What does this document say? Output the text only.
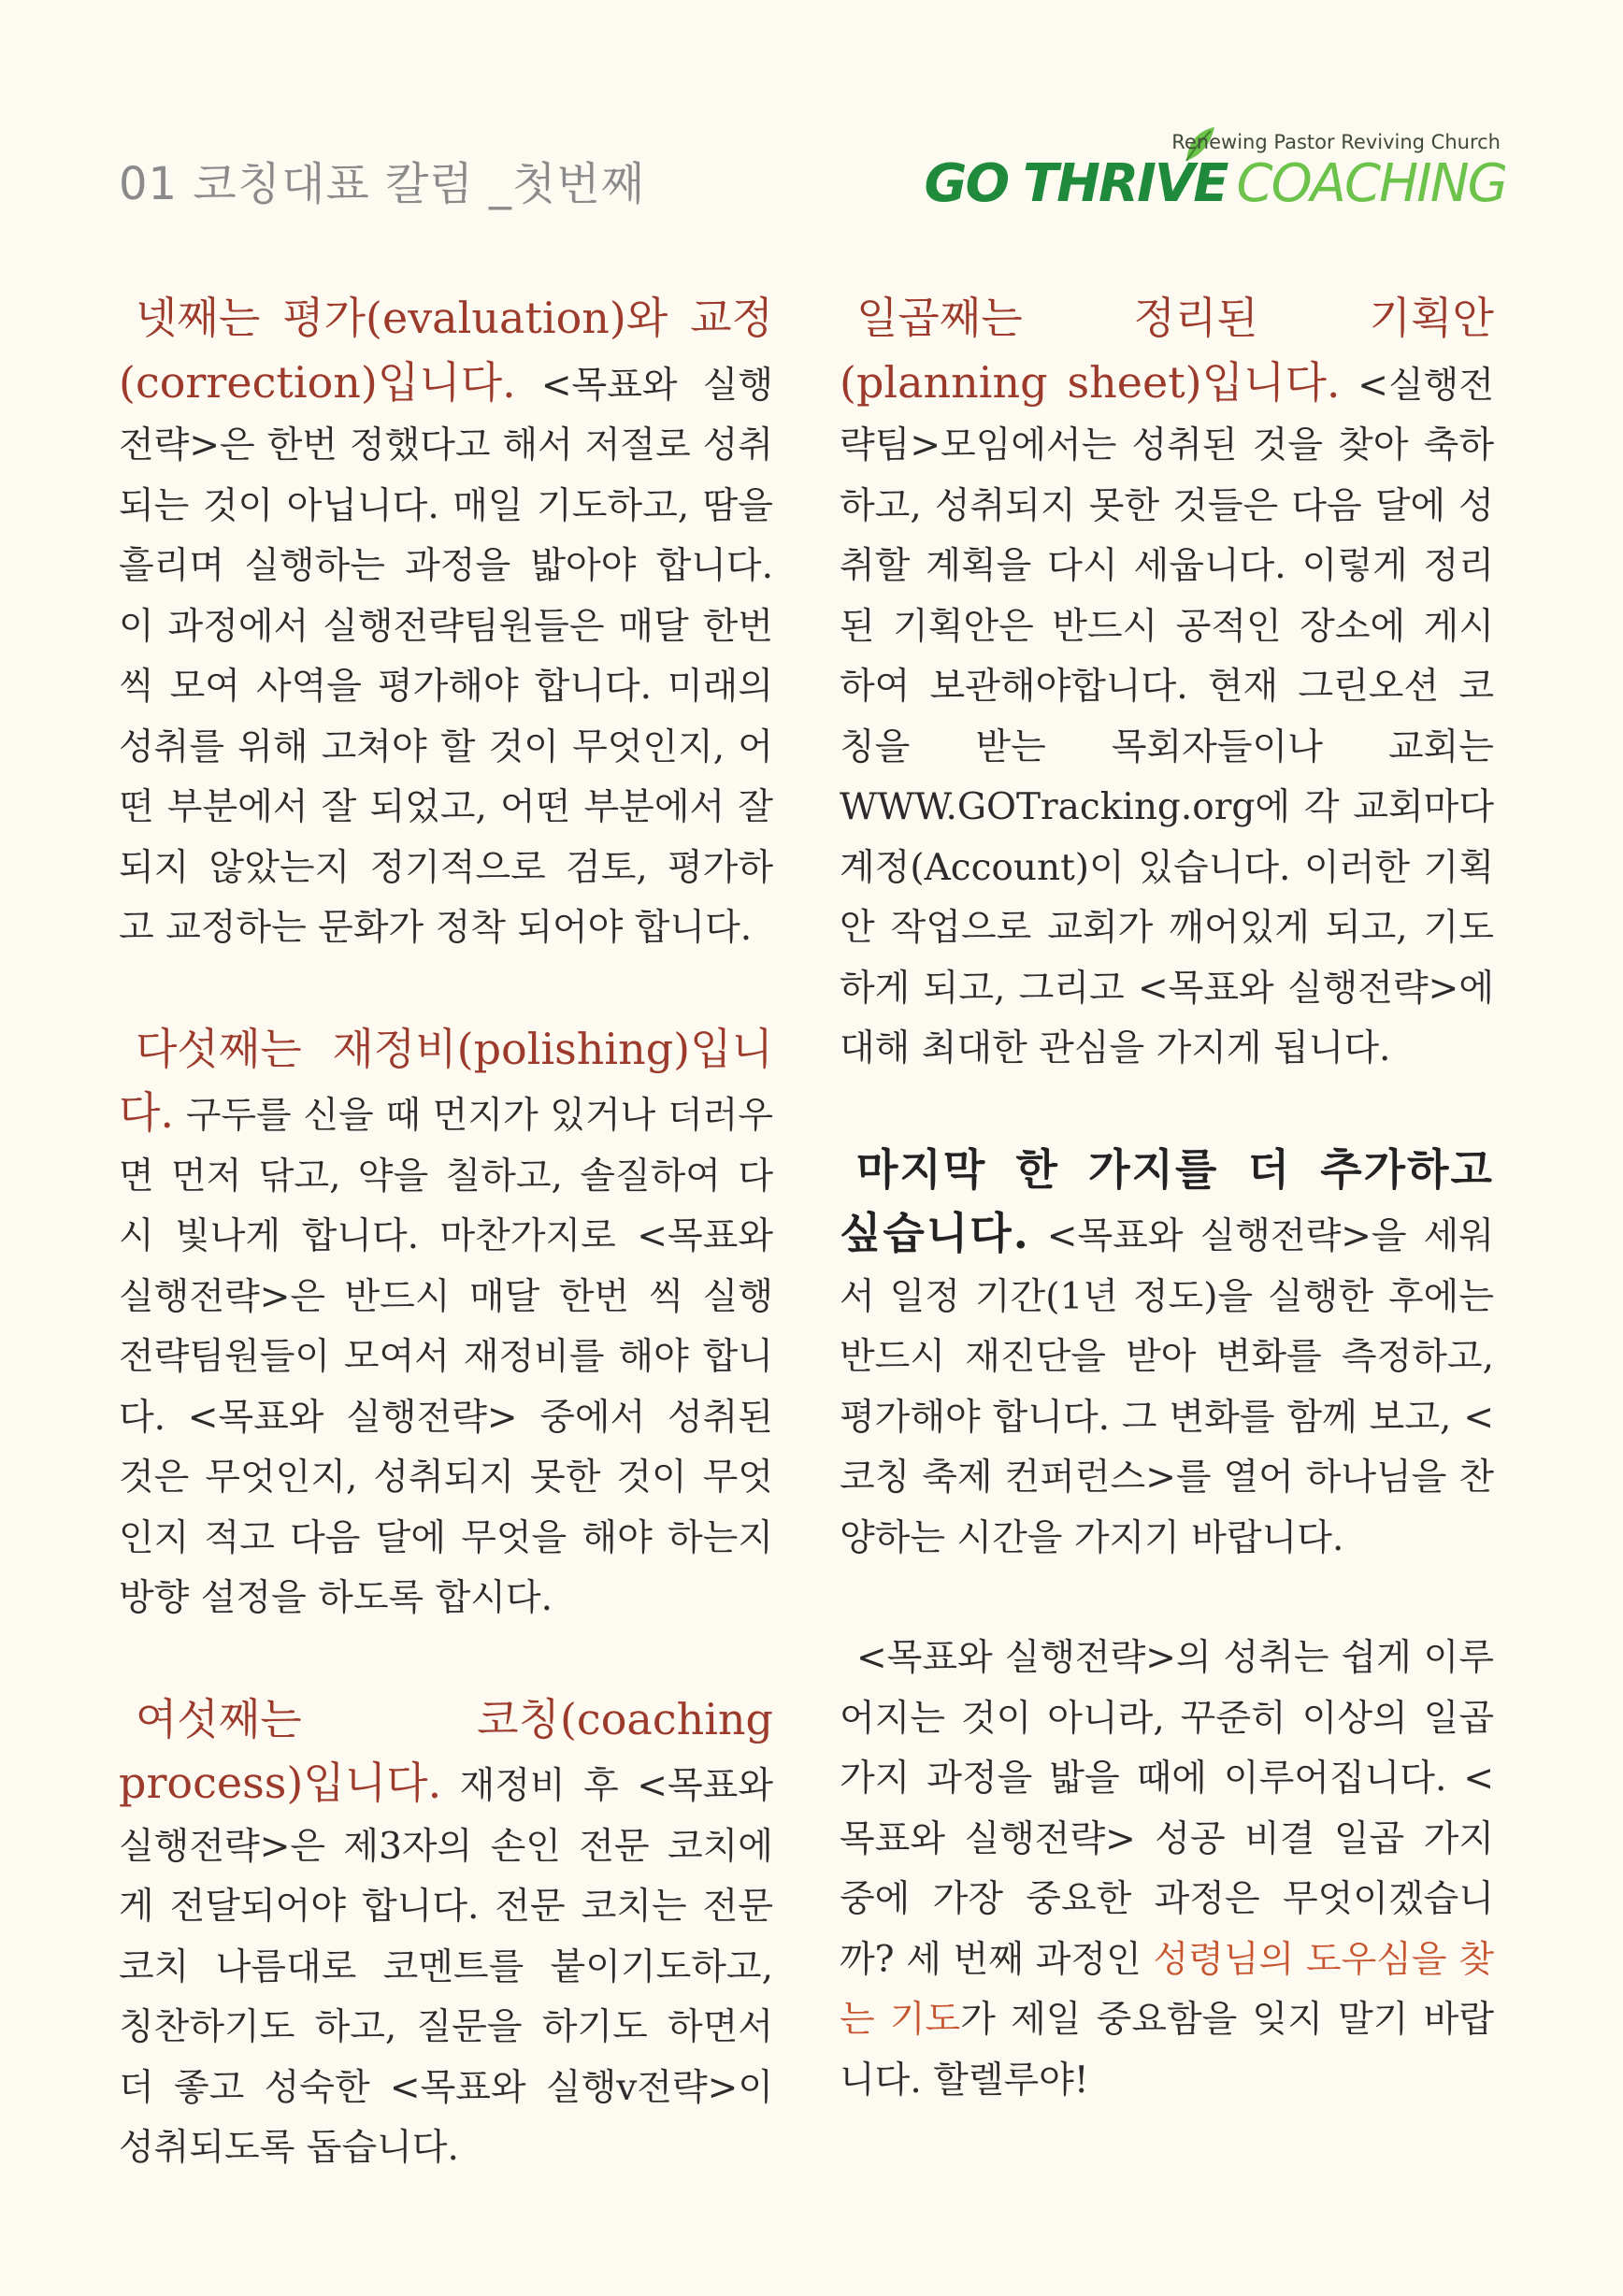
01 코칭대표 칼럼 _첫번째
Renewing Pastor Reviving Church
GO THRIVE COACHING

넷째는 평가(evaluation)와 교정(correction)입니다. <목표와 실행전략>은 한번 정했다고 해서 저절로 성취되는 것이 아닙니다. 매일 기도하고, 땀을 흘리며 실행하는 과정을 밟아야 합니다. 이 과정에서 실행전략팀원들은 매달 한번 씩 모여 사역을 평가해야 합니다. 미래의 성취를 위해 고쳐야 할 것이 무엇인지, 어떤 부분에서 잘 되었고, 어떤 부분에서 잘 되지 않았는지 정기적으로 검토, 평가하고 교정하는 문화가 정착 되어야 합니다.

다섯째는 재정비(polishing)입니다. 구두를 신을 때 먼지가 있거나 더러우면 먼저 닦고, 약을 칠하고, 솔질하여 다시 빛나게 합니다. 마찬가지로 <목표와 실행전략>은 반드시 매달 한번 씩 실행 전략팀원들이 모여서 재정비를 해야 합니다. <목표와 실행전략> 중에서 성취된 것은 무엇인지, 성취되지 못한 것이 무엇인지 적고 다음 달에 무엇을 해야 하는지 방향 설정을 하도록 합시다.

여섯째는 코칭(coaching process)입니다. 재정비 후 <목표와 실행전략>은 제3자의 손인 전문 코치에게 전달되어야 합니다. 전문 코치는 전문 코치 나름대로 코멘트를 붙이기도하고, 칭찬하기도 하고, 질문을 하기도 하면서 더 좋고 성숙한 <목표와 실행v전략>이 성취되도록 돕습니다.

일곱째는 정리된 기획안(planning sheet)입니다. <실행전략팀>모임에서는 성취된 것을 찾아 축하하고, 성취되지 못한 것들은 다음 달에 성취할 계획을 다시 세웁니다. 이렇게 정리된 기획안은 반드시 공적인 장소에 게시하여 보관해야합니다. 현재 그린오션 코칭을 받는 목회자들이나 교회는 WWW.GOTracking.org에 각 교회마다 계정(Account)이 있습니다. 이러한 기획안 작업으로 교회가 깨어있게 되고, 기도하게 되고, 그리고 <목표와 실행전략>에 대해 최대한 관심을 가지게 됩니다.

마지막 한 가지를 더 추가하고 싶습니다. <목표와 실행전략>을 세워서 일정 기간(1년 정도)을 실행한 후에는 반드시 재진단을 받아 변화를 측정하고, 평가해야 합니다. 그 변화를 함께 보고, <코칭 축제 컨퍼런스>를 열어 하나님을 찬양하는 시간을 가지기 바랍니다.

<목표와 실행전략>의 성취는 쉽게 이루어지는 것이 아니라, 꾸준히 이상의 일곱가지 과정을 밟을 때에 이루어집니다. <목표와 실행전략> 성공 비결 일곱 가지 중에 가장 중요한 과정은 무엇이겠습니까? 세 번째 과정인 성령님의 도우심을 찾는 기도가 제일 중요함을 잊지 말기 바랍니다. 할렐루야!
